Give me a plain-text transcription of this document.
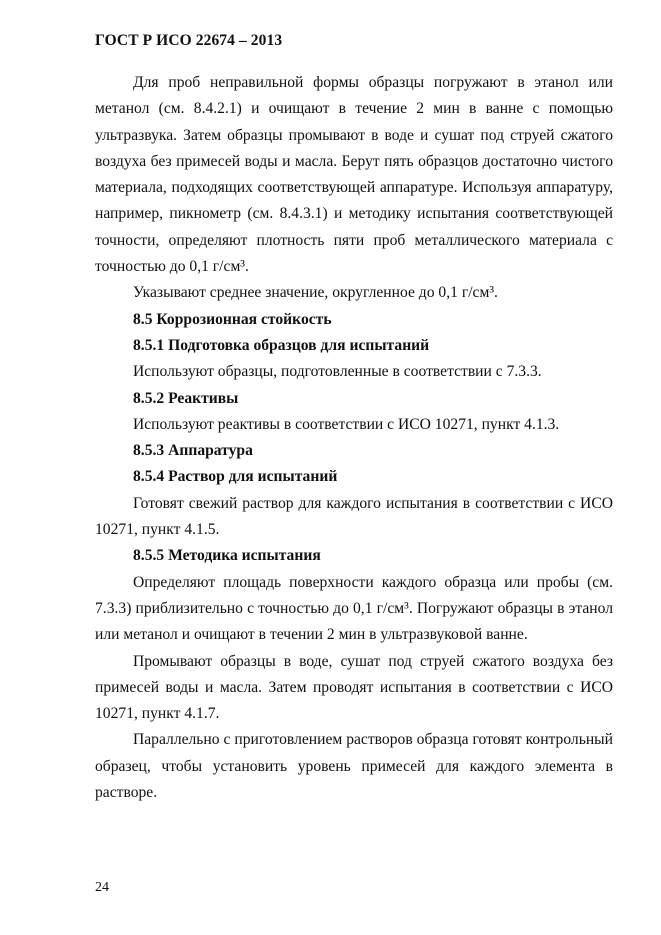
ГОСТ Р ИСО 22674 – 2013

Для проб неправильной формы образцы погружают в этанол или метанол (см. 8.4.2.1) и очищают в течение 2 мин в ванне с помощью ультразвука. Затем образцы промывают в воде и сушат под струей сжатого воздуха без примесей воды и масла. Берут пять образцов достаточно чистого материала, подходящих соответствующей аппаратуре. Используя аппаратуру, например, пикнометр (см. 8.4.3.1) и методику испытания соответствующей точности, определяют плотность пяти проб металлического материала с точностью до 0,1 г/см³.

Указывают среднее значение, округленное до 0,1 г/см³.

8.5 Коррозионная стойкость

8.5.1 Подготовка образцов для испытаний

Используют образцы, подготовленные в соответствии с 7.3.3.

8.5.2 Реактивы

Используют реактивы в соответствии с ИСО 10271, пункт 4.1.3.

8.5.3 Аппаратура

8.5.4 Раствор для испытаний

Готовят свежий раствор для каждого испытания в соответствии с ИСО 10271, пункт 4.1.5.

8.5.5 Методика испытания

Определяют площадь поверхности каждого образца или пробы (см. 7.3.3) приблизительно с точностью до 0,1 г/см³. Погружают образцы в этанол или метанол и очищают в течении 2 мин в ультразвуковой ванне.

Промывают образцы в воде, сушат под струей сжатого воздуха без примесей воды и масла. Затем проводят испытания в соответствии с ИСО 10271, пункт 4.1.7.

Параллельно с приготовлением растворов образца готовят контрольный образец, чтобы установить уровень примесей для каждого элемента в растворе.

24
